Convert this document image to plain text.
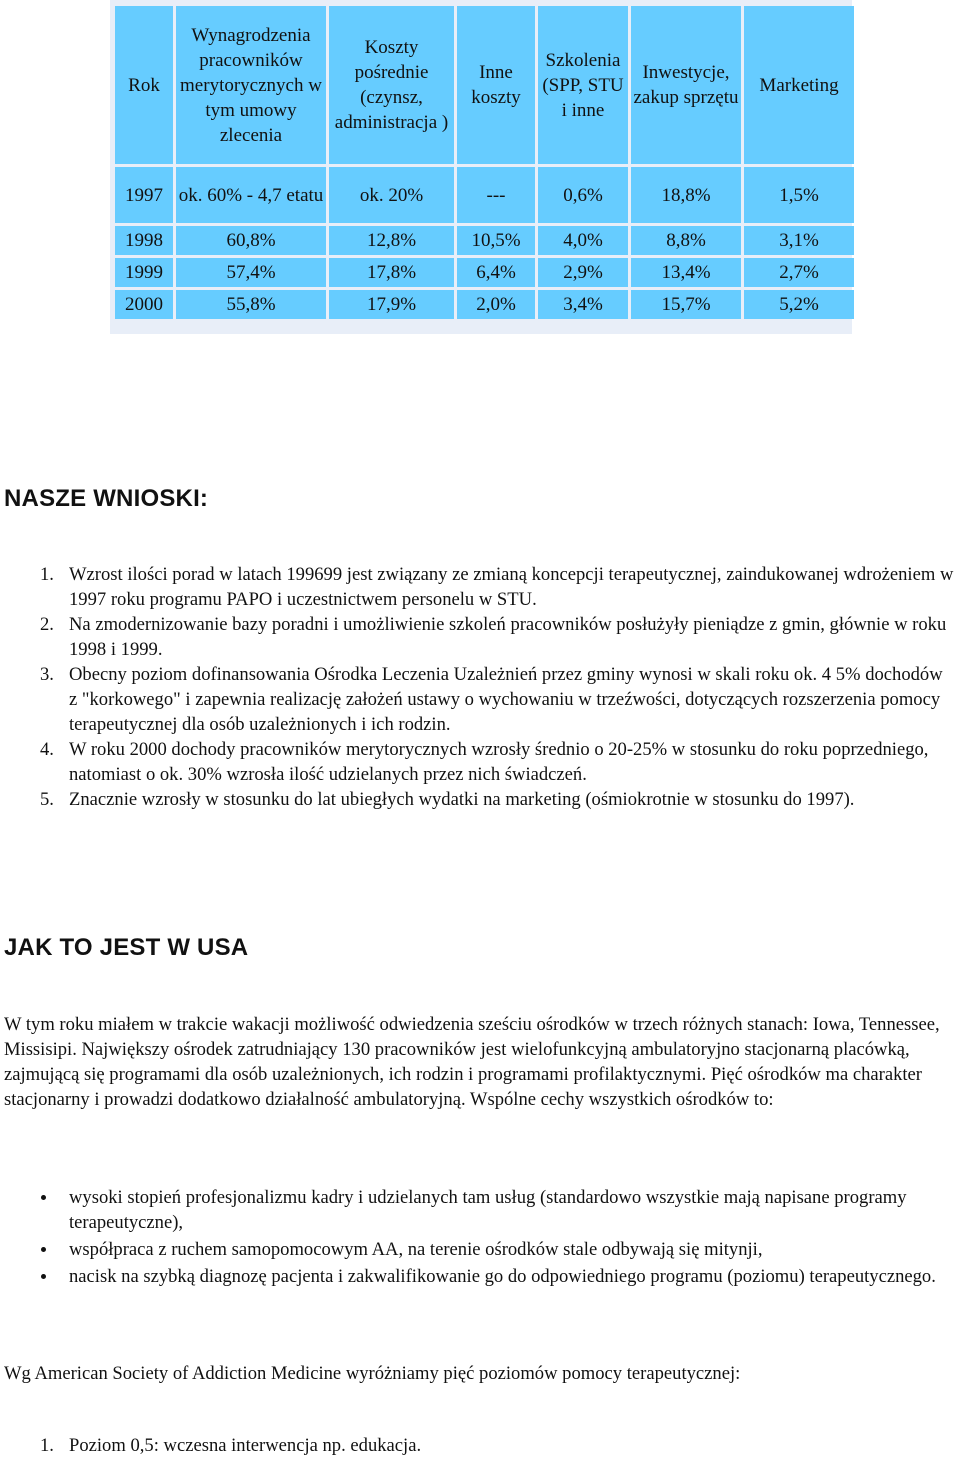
Rok	Wynagrodzenia pracowników merytorycznych w tym umowy zlecenia	Koszty pośrednie (czynsz, administracja )	Inne koszty	Szkolenia (SPP, STU i inne	Inwestycje, zakup sprzętu	Marketing
1997	ok. 60% - 4,7 etatu	ok. 20%	---	0,6%	18,8%	1,5%
1998	60,8%	12,8%	10,5%	4,0%	8,8%	3,1%
1999	57,4%	17,8%	6,4%	2,9%	13,4%	2,7%
2000	55,8%	17,9%	2,0%	3,4%	15,7%	5,2%
NASZE WNIOSKI:
1. Wzrost ilości porad w latach 199699 jest związany ze zmianą koncepcji terapeutycznej, zaindukowanej wdrożeniem w 1997 roku programu PAPO i uczestnictwem personelu w STU.
2. Na zmodernizowanie bazy poradni i umożliwienie szkoleń pracowników posłużyły pieniądze z gmin, głównie w roku 1998 i 1999.
3. Obecny poziom dofinansowania Ośrodka Leczenia Uzależnień przez gminy wynosi w skali roku ok. 4 5% dochodów z "korkowego" i zapewnia realizację założeń ustawy o wychowaniu w trzeźwości, dotyczących rozszerzenia pomocy terapeutycznej dla osób uzależnionych i ich rodzin.
4. W roku 2000 dochody pracowników merytorycznych wzrosły średnio o 20-25% w stosunku do roku poprzedniego, natomiast o ok. 30% wzrosła ilość udzielanych przez nich świadczeń.
5. Znacznie wzrosły w stosunku do lat ubiegłych wydatki na marketing (ośmiokrotnie w stosunku do 1997).
JAK TO JEST W USA

W tym roku miałem w trakcie wakacji możliwość odwiedzenia sześciu ośrodków w trzech różnych stanach: Iowa, Tennessee, Missisipi. Największy ośrodek zatrudniający 130 pracowników jest wielofunkcyjną ambulatoryjno stacjonarną placówką, zajmującą się programami dla osób uzależnionych, ich rodzin i programami profilaktycznymi. Pięć ośrodków ma charakter stacjonarny i prowadzi dodatkowo działalność ambulatoryjną. Wspólne cechy wszystkich ośrodków to:

wysoki stopień profesjonalizmu kadry i udzielanych tam usług (standardowo wszystkie mają napisane programy terapeutyczne),
współpraca z ruchem samopomocowym AA, na terenie ośrodków stale odbywają się mitynji,
nacisk na szybką diagnozę pacjenta i zakwalifikowanie go do odpowiedniego programu (poziomu) terapeutycznego.

Wg American Society of Addiction Medicine wyróżniamy pięć poziomów pomocy terapeutycznej:

1. Poziom 0,5: wczesna interwencja np. edukacja.
